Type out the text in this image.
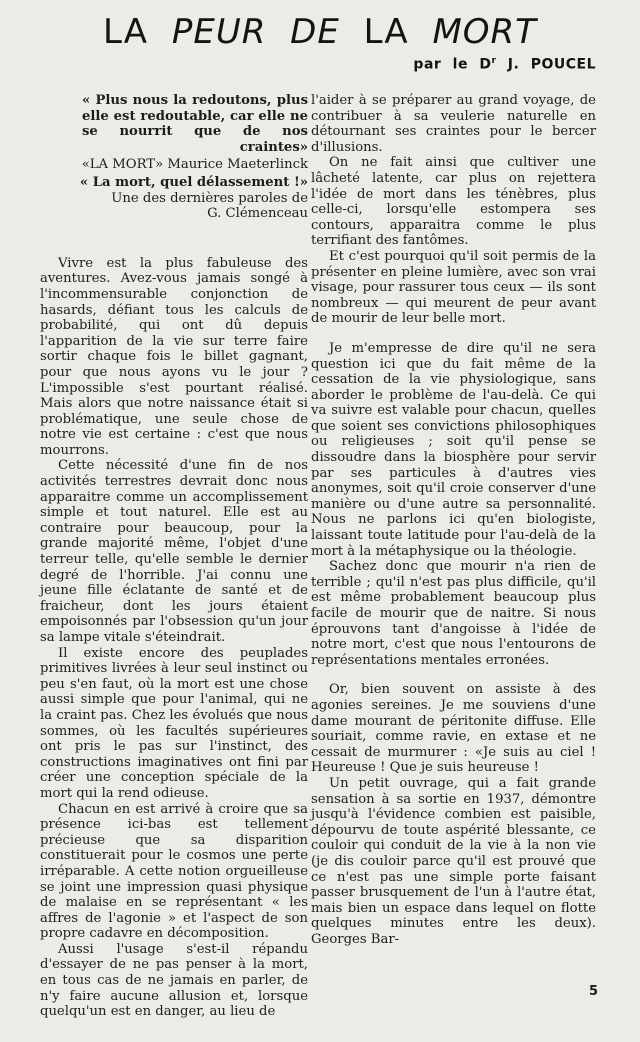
LA PEUR DE LA MORT
par le $D^r$ J. POUCEL

« Plus nous la redoutons, plus elle est redoutable, car elle ne se nourrit que de nos craintes»

«LA MORT» Maurice Maeterlinck

« La mort, quel délassement !»

Une des dernières paroles de

G. Clémenceau

Vivre est la plus fabuleuse des aventures. Avez-vous jamais songé à l'incommensurable conjonction de hasards, défiant tous les calculs de probabilité, qui ont dû depuis l'apparition de la vie sur terre faire sortir chaque fois le billet gagnant, pour que nous ayons vu le jour ? L'impossible s'est pourtant réalisé. Mais alors que notre naissance était si problématique, une seule chose de notre vie est certaine : c'est que nous mourrons.

Cette nécessité d'une fin de nos activités terrestres devrait donc nous apparaitre comme un accomplissement simple et tout naturel. Elle est au contraire pour beaucoup, pour la grande majorité même, l'objet d'une terreur telle, qu'elle semble le dernier degré de l'horrible. J'ai connu une jeune fille éclatante de santé et de fraicheur, dont les jours étaient empoisonnés par l'obsession qu'un jour sa lampe vitale s'éteindrait.

Il existe encore des peuplades primitives livrées à leur seul instinct ou peu s'en faut, où la mort est une chose aussi simple que pour l'animal, qui ne la craint pas. Chez les évolués que nous sommes, où les facultés supérieures ont pris le pas sur l'instinct, des constructions imaginatives ont fini par créer une conception spéciale de la mort qui la rend odieuse.

Chacun en est arrivé à croire que sa présence ici-bas est tellement précieuse que sa disparition constituerait pour le cosmos une perte irréparable. A cette notion orgueilleuse se joint une impression quasi physique de malaise en se représentant « les affres de l'agonie » et l'aspect de son propre cadavre en décomposition.

Aussi l'usage s'est-il répandu d'essayer de ne pas penser à la mort, en tous cas de ne jamais en parler, de n'y faire aucune allusion et, lorsque quelqu'un est en danger, au lieu de

l'aider à se préparer au grand voyage, de contribuer à sa veulerie naturelle en détournant ses craintes pour le bercer d'illusions.

On ne fait ainsi que cultiver une lâcheté latente, car plus on rejettera l'idée de mort dans les ténèbres, plus celle-ci, lorsqu'elle estompera ses contours, apparaitra comme le plus terrifiant des fantômes.

Et c'est pourquoi qu'il soit permis de la présenter en pleine lumière, avec son vrai visage, pour rassurer tous ceux — ils sont nombreux — qui meurent de peur avant de mourir de leur belle mort.

Je m'empresse de dire qu'il ne sera question ici que du fait même de la cessation de la vie physiologique, sans aborder le problème de l'au-delà. Ce qui va suivre est valable pour chacun, quelles que soient ses convictions philosophiques ou religieuses ; soit qu'il pense se dissoudre dans la biosphère pour servir par ses particules à d'autres vies anonymes, soit qu'il croie conserver d'une manière ou d'une autre sa personnalité. Nous ne parlons ici qu'en biologiste, laissant toute latitude pour l'au-delà de la mort à la métaphysique ou la théologie.

Sachez donc que mourir n'a rien de terrible ; qu'il n'est pas plus difficile, qu'il est même probablement beaucoup plus facile de mourir que de naitre. Si nous éprouvons tant d'angoisse à l'idée de notre mort, c'est que nous l'entourons de représentations mentales erronées.

Or, bien souvent on assiste à des agonies sereines. Je me souviens d'une dame mourant de péritonite diffuse. Elle souriait, comme ravie, en extase et ne cessait de murmurer : «Je suis au ciel ! Heureuse ! Que je suis heureuse !

Un petit ouvrage, qui a fait grande sensation à sa sortie en 1937, démontre jusqu'à l'évidence combien est paisible, dépourvu de toute aspérité blessante, ce couloir qui conduit de la vie à la non vie (je dis couloir parce qu'il est prouvé que ce n'est pas une simple porte faisant passer brusquement de l'un à l'autre état, mais bien un espace dans lequel on flotte quelques minutes entre les deux). Georges Bar-

5
